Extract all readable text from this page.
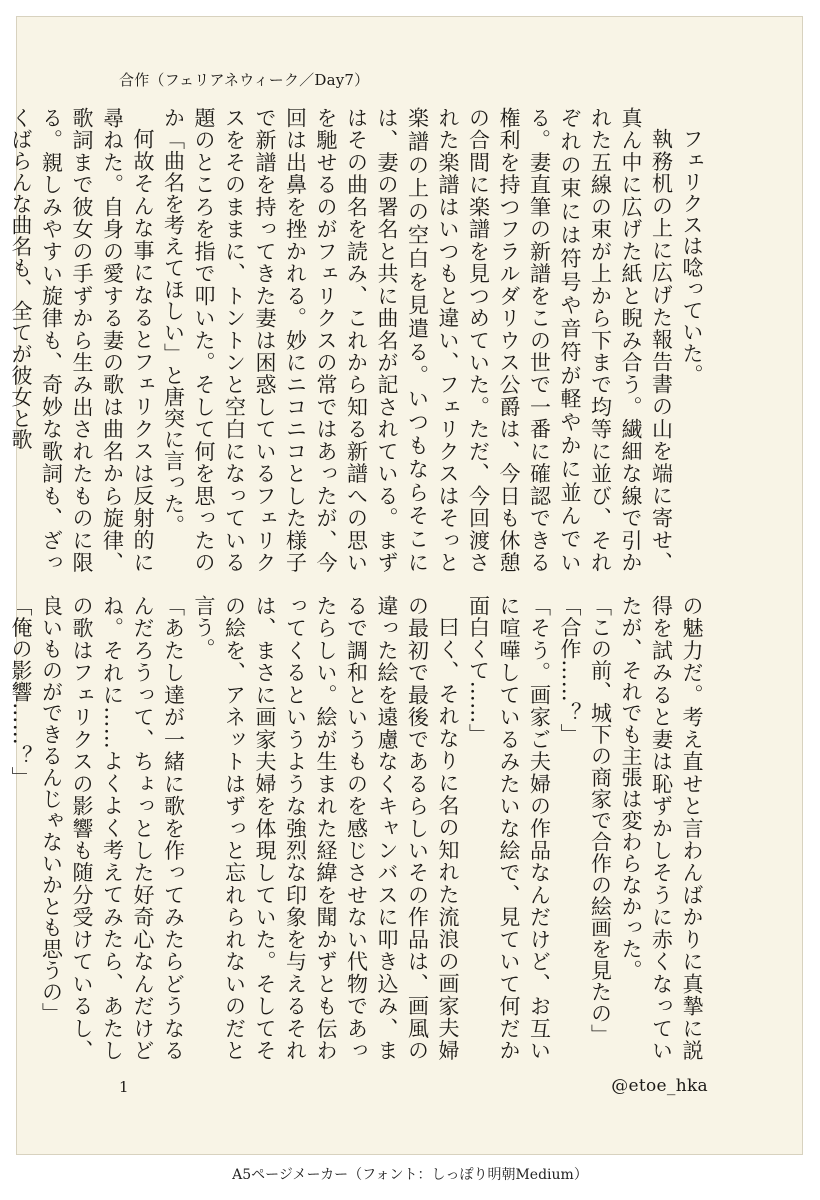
合作（フェリアネウィーク／Day7）

フェリクスは唸っていた。

執務机の上に広げた報告書の山を端に寄せ、真ん中に広げた紙と睨み合う。繊細な線で引かれた五線の束が上から下まで均等に並び、それぞれの束には符号や音符が軽やかに並んでいる。妻直筆の新譜をこの世で一番に確認できる権利を持つフラルダリウス公爵は、今日も休憩の合間に楽譜を見つめていた。ただ、今回渡された楽譜はいつもと違い、フェリクスはそっと楽譜の上の空白を見遣る。いつもならそこには、妻の署名と共に曲名が記されている。まずはその曲名を読み、これから知る新譜への思いを馳せるのがフェリクスの常ではあったが、今回は出鼻を挫かれる。妙にニコニコとした様子で新譜を持ってきた妻は困惑しているフェリクスをそのままに、トントンと空白になっている題のところを指で叩いた。そして何を思ったのか「曲名を考えてほしい」と唐突に言った。

何故そんな事になるとフェリクスは反射的に尋ねた。自身の愛する妻の歌は曲名から旋律、歌詞まで彼女の手ずから生み出されたものに限る。親しみやすい旋律も、奇妙な歌詞も、ざっくばらんな曲名も、全てが彼女と歌

の魅力だ。考え直せと言わんばかりに真摯に説得を試みると妻は恥ずかしそうに赤くなっていたが、それでも主張は変わらなかった。

「この前、城下の商家で合作の絵画を見たの」

「合作……？」

「そう。画家ご夫婦の作品なんだけど、お互いに喧嘩しているみたいな絵で、見ていて何だか面白くて……」

曰く、それなりに名の知れた流浪の画家夫婦の最初で最後であるらしいその作品は、画風の違った絵を遠慮なくキャンバスに叩き込み、まるで調和というものを感じさせない代物であったらしい。絵が生まれた経緯を聞かずとも伝わってくるというような強烈な印象を与えるそれは、まさに画家夫婦を体現していた。そしてその絵を、アネットはずっと忘れられないのだと言う。

「あたし達が一緒に歌を作ってみたらどうなるんだろうって、ちょっとした好奇心なんだけどね。それに……よくよく考えてみたら、あたしの歌はフェリクスの影響も随分受けているし、良いものができるんじゃないかとも思うの」

「俺の影響……？」

1	@etoe_hka
A5ページメーカー（フォント：しっぽり明朝Medium）
